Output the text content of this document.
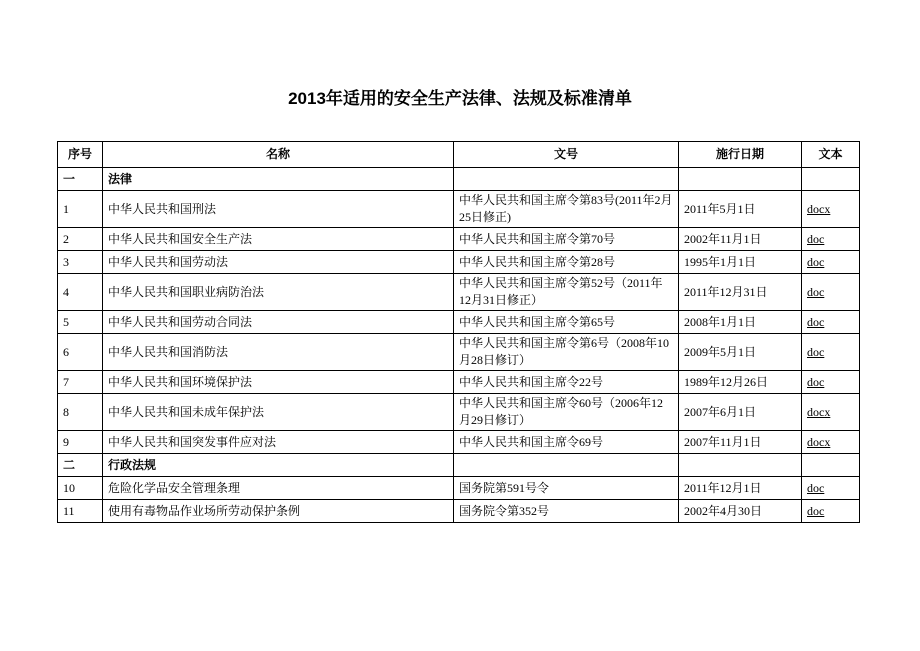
2013年适用的安全生产法律、法规及标准清单
序号	名称	文号	施行日期	文本
一	法律			
1	中华人民共和国刑法	中华人民共和国主席令第83号(2011年2月25日修正)	2011年5月1日	docx
2	中华人民共和国安全生产法	中华人民共和国主席令第70号	2002年11月1日	doc
3	中华人民共和国劳动法	中华人民共和国主席令第28号	1995年1月1日	doc
4	中华人民共和国职业病防治法	中华人民共和国主席令第52号（2011年12月31日修正）	2011年12月31日	doc
5	中华人民共和国劳动合同法	中华人民共和国主席令第65号	2008年1月1日	doc
6	中华人民共和国消防法	中华人民共和国主席令第6号（2008年10月28日修订）	2009年5月1日	doc
7	中华人民共和国环境保护法	中华人民共和国主席令22号	1989年12月26日	doc
8	中华人民共和国未成年保护法	中华人民共和国主席令60号（2006年12月29日修订）	2007年6月1日	docx
9	中华人民共和国突发事件应对法	中华人民共和国主席令69号	2007年11月1日	docx
二	行政法规			
10	危险化学品安全管理条理	国务院第591号令	2011年12月1日	doc
11	使用有毒物品作业场所劳动保护条例	国务院令第352号	2002年4月30日	doc
